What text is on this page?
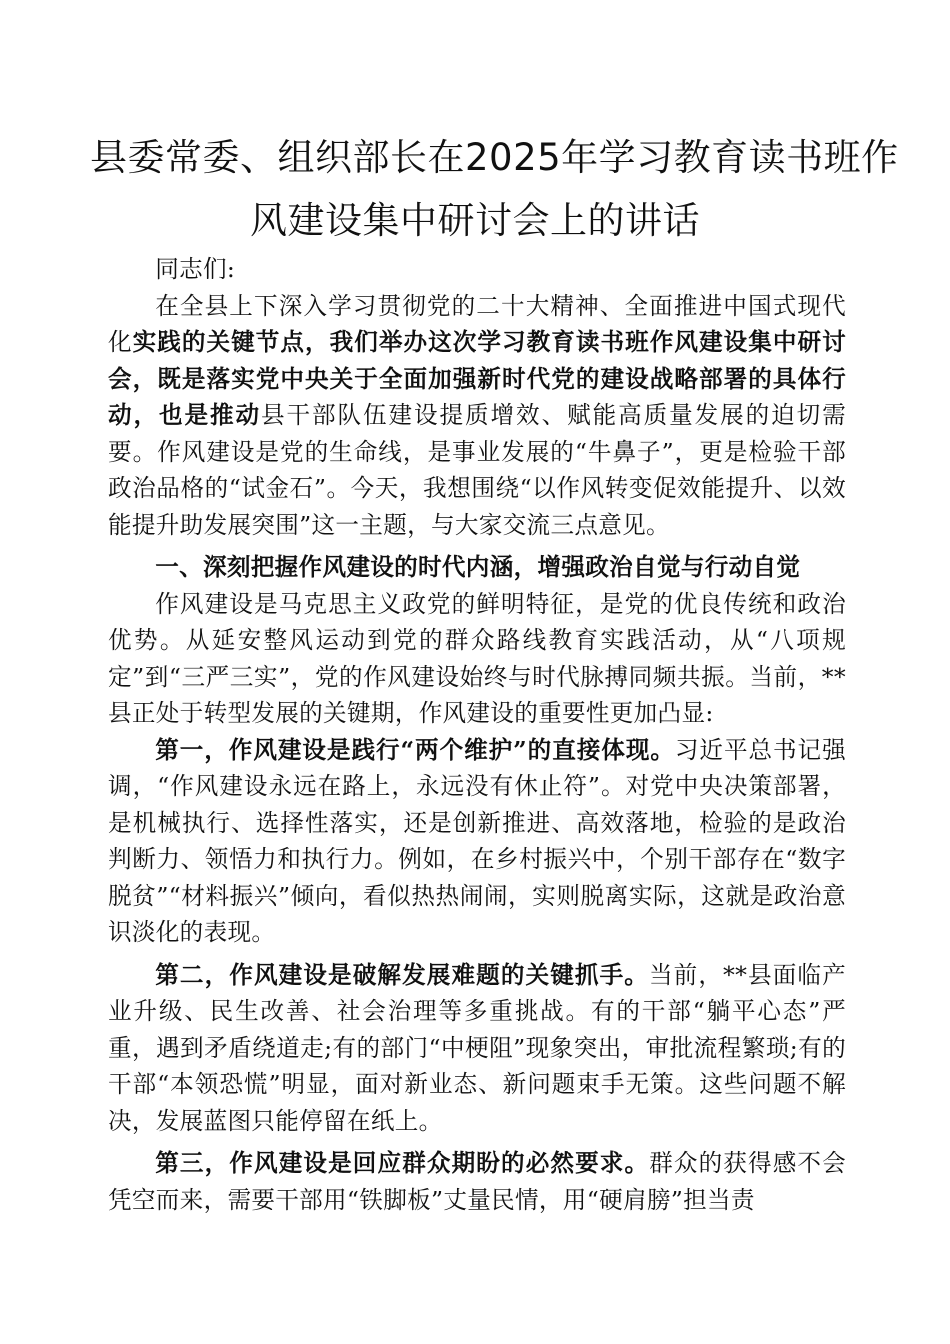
县委常委、组织部长在2025年学习教育读书班作
风建设集中研讨会上的讲话

同志们:

在全县上下深入学习贯彻党的二十大精神、全面推进中国式现代化实践的关键节点，我们举办这次学习教育读书班作风建设集中研讨会，既是落实党中央关于全面加强新时代党的建设战略部署的具体行动，也是推动县干部队伍建设提质增效、赋能高质量发展的迫切需要。作风建设是党的生命线，是事业发展的“牛鼻子”，更是检验干部政治品格的“试金石”。今天，我想围绕“以作风转变促效能提升、以效能提升助发展突围”这一主题，与大家交流三点意见。

一、深刻把握作风建设的时代内涵，增强政治自觉与行动自觉

作风建设是马克思主义政党的鲜明特征，是党的优良传统和政治优势。从延安整风运动到党的群众路线教育实践活动，从“八项规定”到“三严三实”，党的作风建设始终与时代脉搏同频共振。当前，**县正处于转型发展的关键期，作风建设的重要性更加凸显:

第一，作风建设是践行“两个维护”的直接体现。习近平总书记强调，“作风建设永远在路上，永远没有休止符”。对党中央决策部署，是机械执行、选择性落实，还是创新推进、高效落地，检验的是政治判断力、领悟力和执行力。例如，在乡村振兴中，个别干部存在“数字脱贫”“材料振兴”倾向，看似热热闹闹，实则脱离实际，这就是政治意识淡化的表现。

第二，作风建设是破解发展难题的关键抓手。当前，**县面临产业升级、民生改善、社会治理等多重挑战。有的干部“躺平心态”严重，遇到矛盾绕道走;有的部门“中梗阻”现象突出，审批流程繁琐;有的干部“本领恐慌”明显，面对新业态、新问题束手无策。这些问题不解决，发展蓝图只能停留在纸上。

第三，作风建设是回应群众期盼的必然要求。群众的获得感不会凭空而来，需要干部用“铁脚板”丈量民情，用“硬肩膀”担当责
